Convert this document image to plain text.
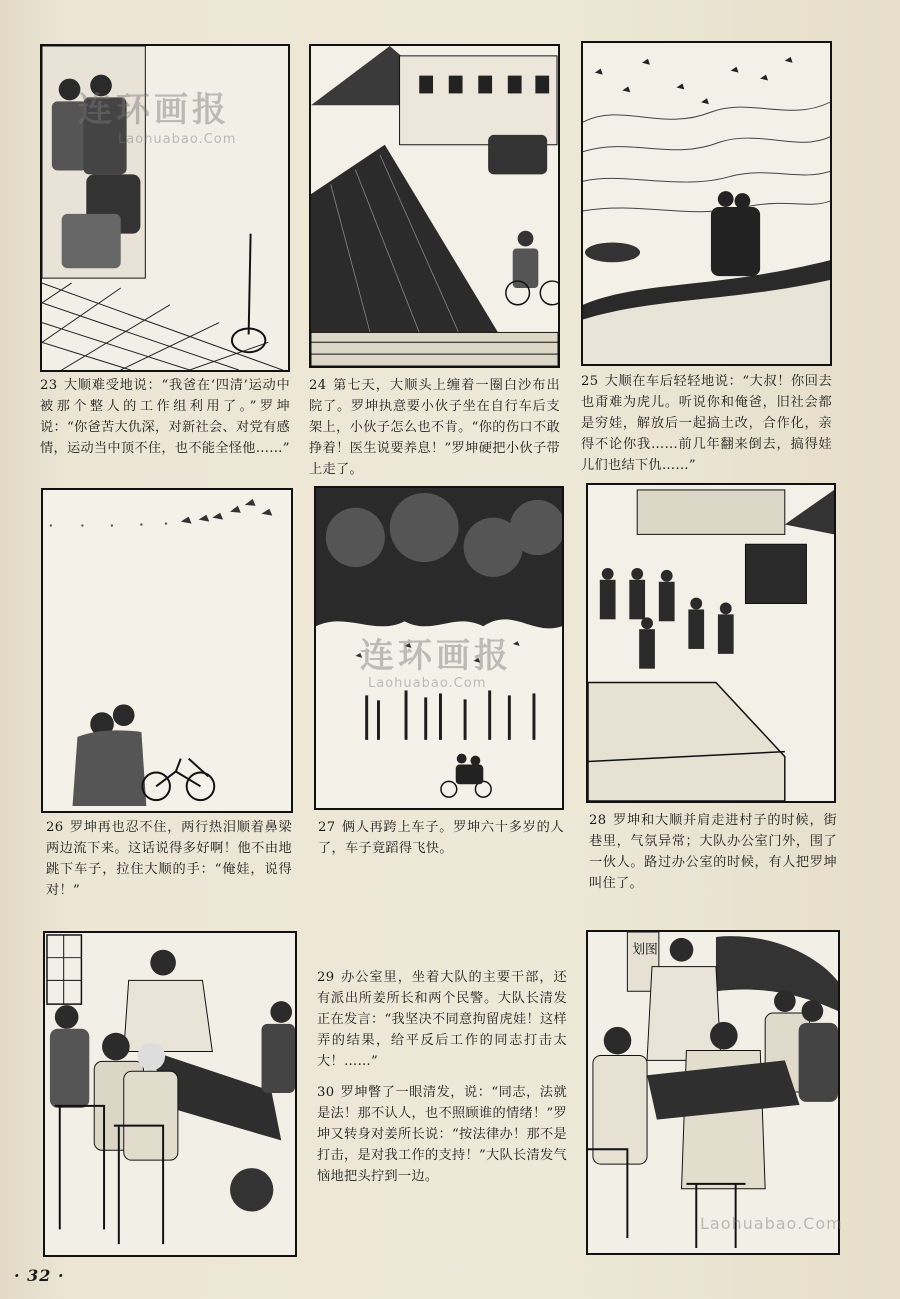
23 大顺难受地说：“我爸在‘四清’运动中被那个整人的工作组利用了。”罗坤说：“你爸苦大仇深，对新社会、对党有感情，运动当中顶不住，也不能全怪他……”
24 第七天，大顺头上缠着一圈白沙布出院了。罗坤执意要小伙子坐在自行车后支架上，小伙子怎么也不肯。“你的伤口不敢挣着！医生说要养息！”罗坤硬把小伙子带上走了。
25 大顺在车后轻轻地说：“大叔！你回去也甭难为虎儿。听说你和俺爸，旧社会都是穷娃，解放后一起搞土改，合作化，亲得不论你我……前几年翻来倒去，搞得娃儿们也结下仇……”
26 罗坤再也忍不住，两行热泪顺着鼻梁两边流下来。这话说得多好啊！他不由地跳下车子，拉住大顺的手：“俺娃，说得对！”
27 俩人再跨上车子。罗坤六十多岁的人了，车子竟蹈得飞快。
28 罗坤和大顺并肩走进村子的时候，街巷里，气氛异常；大队办公室门外，围了一伙人。路过办公室的时候，有人把罗坤叫住了。
29 办公室里，坐着大队的主要干部，还有派出所姜所长和两个民警。大队长清发正在发言：“我坚决不同意拘留虎娃！这样弄的结果，给平反后工作的同志打击太大！……”
30 罗坤瞥了一眼清发，说：“同志，法就是法！那不认人，也不照顾谁的情绪！”罗坤又转身对姜所长说：“按法律办！那不是打击，是对我工作的支持！”大队长清发气恼地把头拧到一边。
划图
连环画报
Laohuabao.Com
连环画报
Laohuabao.Com
Laohuabao.Com
· 32 ·
